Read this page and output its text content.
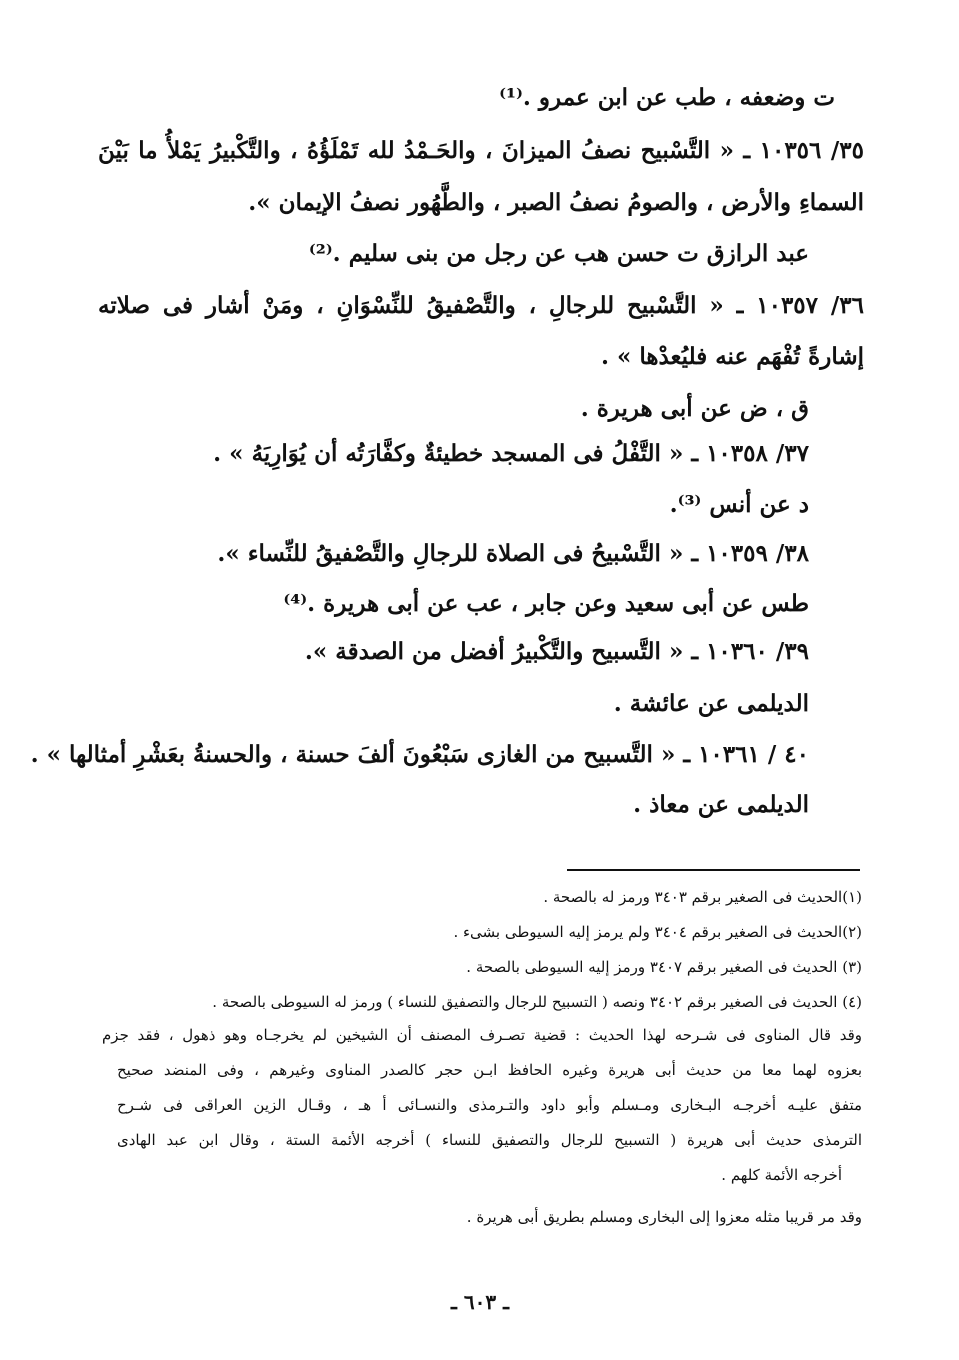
ت وضعفه ، طب عن ابن عمرو .⁽¹⁾
٣٥/ ١٠٣٥٦ ـ « التَّسْبيح نصفُ الميزانَ ، والحَـمْدُ لله تَمْلَؤُهُ ، والتَّكْبيرُ يَمْلأُ ما بَيْنَ
السماءِ والأرض ، والصومُ نصفُ الصبر ، والطَّهُور نصفُ الإيمان ».
عبد الرازق ت حسن هب عن رجل من بنى سليم .⁽²⁾
٣٦/ ١٠٣٥٧ ـ « التَّسْبيح للرجالِ ، والتَّصْفيقُ للنِّسْوَانِ ، ومَنْ أشار فى صلاته
إشارةً تُفْهَم عنه فليُعدْها » .
ق ، ض عن أبى هريرة .
٣٧/ ١٠٣٥٨ ـ « التَّفْلُ فى المسجد خطيئةٌ وكفَّارَتُه أن يُوَارِيَهُ » .
د عن أنس ⁽³⁾.
٣٨/ ١٠٣٥٩ ـ « التَّسْبيحُ فى الصلاة للرجالِ والتَّصْفيقُ للنِّساء ».
طس عن أبى سعيد وعن جابر ، عب عن أبى هريرة .⁽⁴⁾
٣٩/ ١٠٣٦٠ ـ « التَّسبيح والتَّكْبيرُ أفضل من الصدقة ».
الديلمى عن عائشة .
٤٠ / ١٠٣٦١ ـ « التَّسبيح من الغازى سَبْعُونَ ألفَ حسنة ، والحسنةُ بعَشْرِ أمثالها » .
الديلمى عن معاذ .
(١)الحديث فى الصغير برقم ٣٤٠٣ ورمز له بالصحة .
(٢)الحديث فى الصغير برقم ٣٤٠٤ ولم يرمز إليه السيوطى بشىء .
(٣) الحديث فى الصغير برقم ٣٤٠٧ ورمز إليه السيوطى بالصحة .
(٤) الحديث فى الصغير برقم ٣٤٠٢ ونصه ( التسبيح للرجال والتصفيق للنساء ) ورمز له السيوطى بالصحة .
وقد قال المناوى فى شـرحه لهذا الحديث : قضية تصـرف المصنف أن الشيخين لم يخرجـاه وهو ذهول ، فقد جزم
بعزوه لهما معا من حديث أبى هريرة وغيره الحافظ ابـن حجر كالصدر المناوى وغيرهم ، وفى المنضد صحيح
متفق عليـه أخرجـه البـخارى ومـسلم وأبو داود والتـرمذى والنسـائى أ هـ ، وقـال الزين العراقى فى شـرح
الترمذى حديث أبى هريرة ( التسبيح للرجال والتصفيق للنساء ) أخرجه الأئمة الستة ، وقال ابن عبد الهادى
أخرجه الأئمة كلهم .
وقد مر قريبا مثله معزوا إلى البخارى ومسلم بطريق أبى هريرة .
ـ ٦٠٣ ـ
